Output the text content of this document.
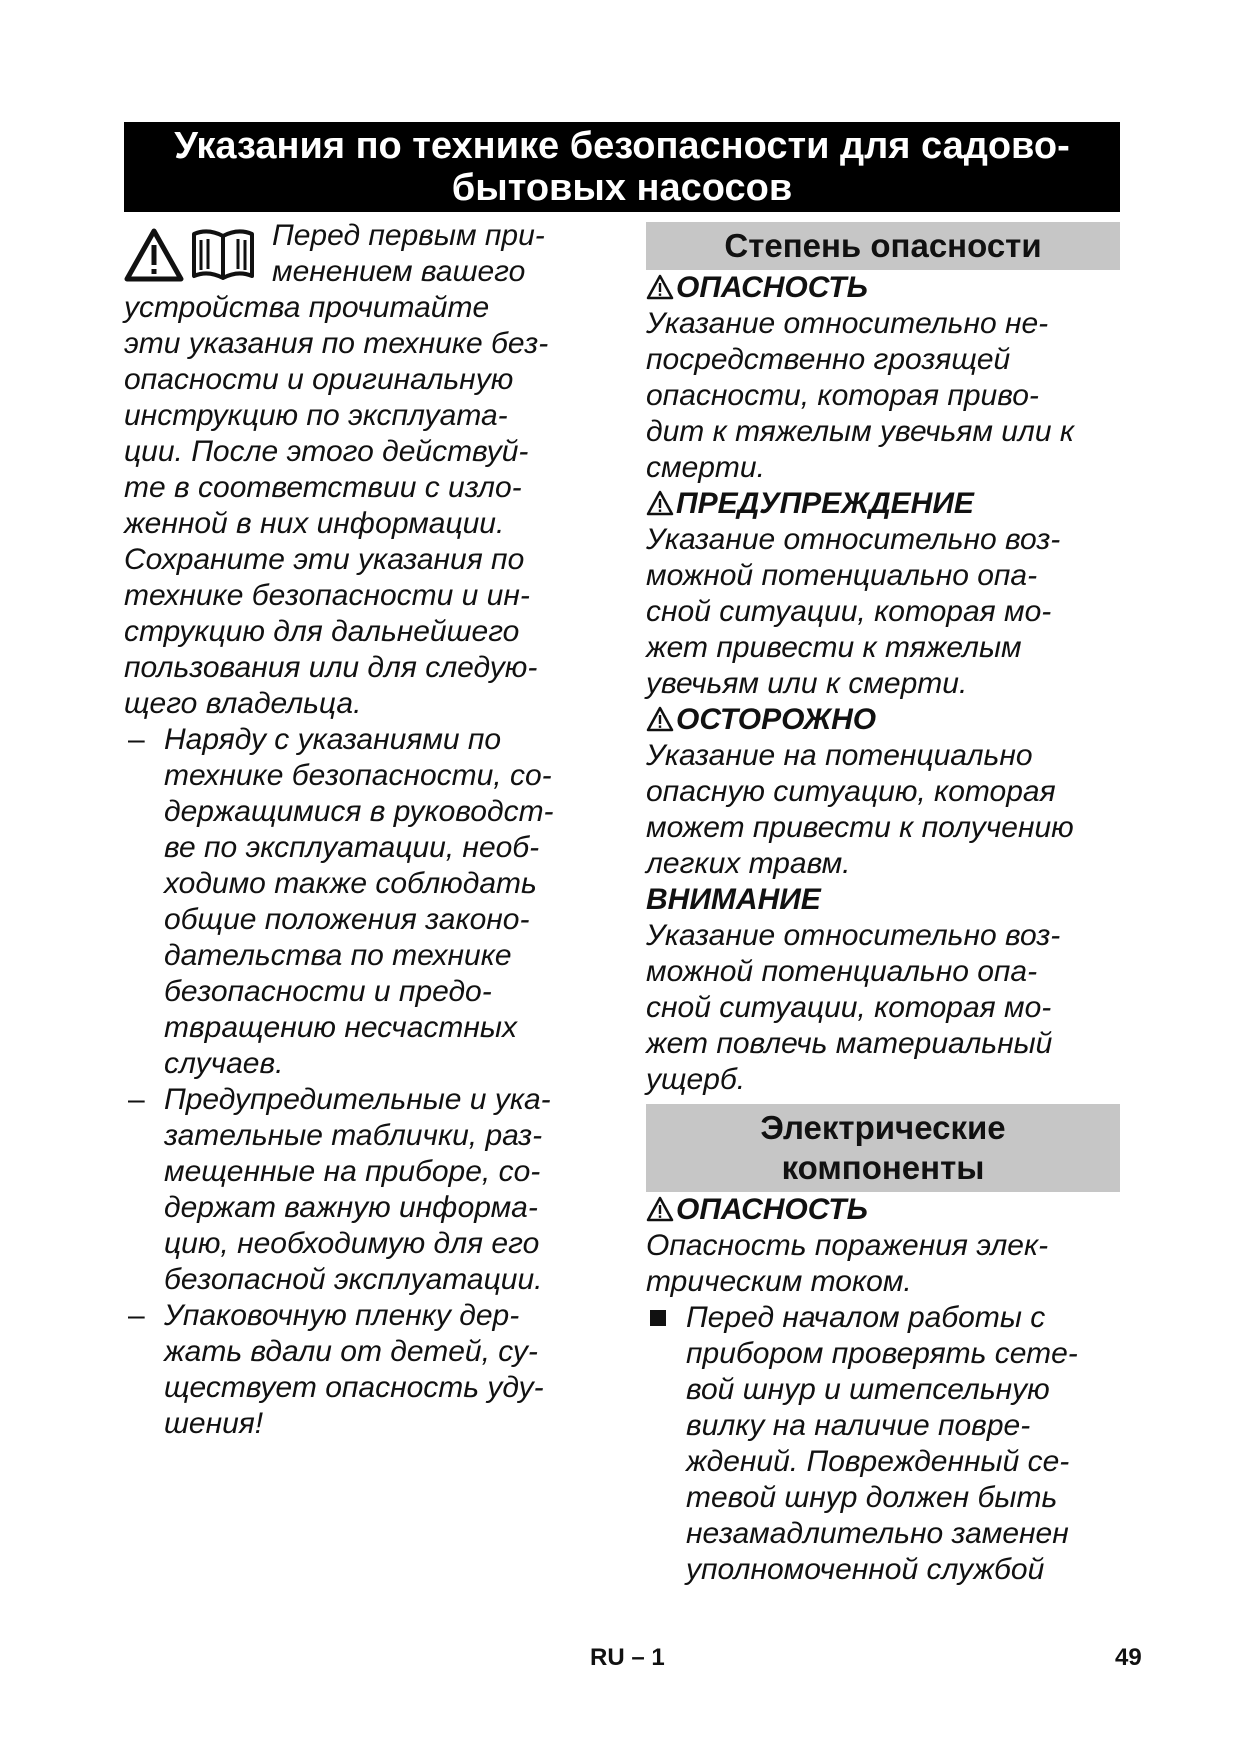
Указания по технике безопасности для садово-
бытовых насосов
Перед первым при-
менением вашего
устройства прочитайте
эти указания по технике без-
опасности и оригинальную
инструкцию по эксплуата-
ции. После этого действуй-
те в соответствии с изло-
женной в них информации.
Сохраните эти указания по
технике безопасности и ин-
струкцию для дальнейшего
пользования или для следую-
щего владельца.
– Наряду с указаниями по
технике безопасности, со-
держащимися в руководст-
ве по эксплуатации, необ-
ходимо также соблюдать
общие положения законо-
дательства по технике
безопасности и предо-
твращению несчастных
случаев.
– Предупредительные и ука-
зательные таблички, раз-
мещенные на приборе, со-
держат важную информа-
цию, необходимую для его
безопасной эксплуатации.
– Упаковочную пленку дер-
жать вдали от детей, су-
ществует опасность уду-
шения!
Степень опасности
ОПАСНОСТЬ
Указание относительно не-
посредственно грозящей
опасности, которая приво-
дит к тяжелым увечьям или к
смерти.
ПРЕДУПРЕЖДЕНИЕ
Указание относительно воз-
можной потенциально опа-
сной ситуации, которая мо-
жет привести к тяжелым
увечьям или к смерти.
ОСТОРОЖНО
Указание на потенциально
опасную ситуацию, которая
может привести к получению
легких травм.
ВНИМАНИЕ
Указание относительно воз-
можной потенциально опа-
сной ситуации, которая мо-
жет повлечь материальный
ущерб.
Электрические
компоненты
ОПАСНОСТЬ
Опасность поражения элек-
трическим током.
Перед началом работы с
прибором проверять сете-
вой шнур и штепсельную
вилку на наличие повре-
ждений. Поврежденный се-
тевой шнур должен быть
незамадлительно заменен
уполномоченной службой
RU – 1	49
